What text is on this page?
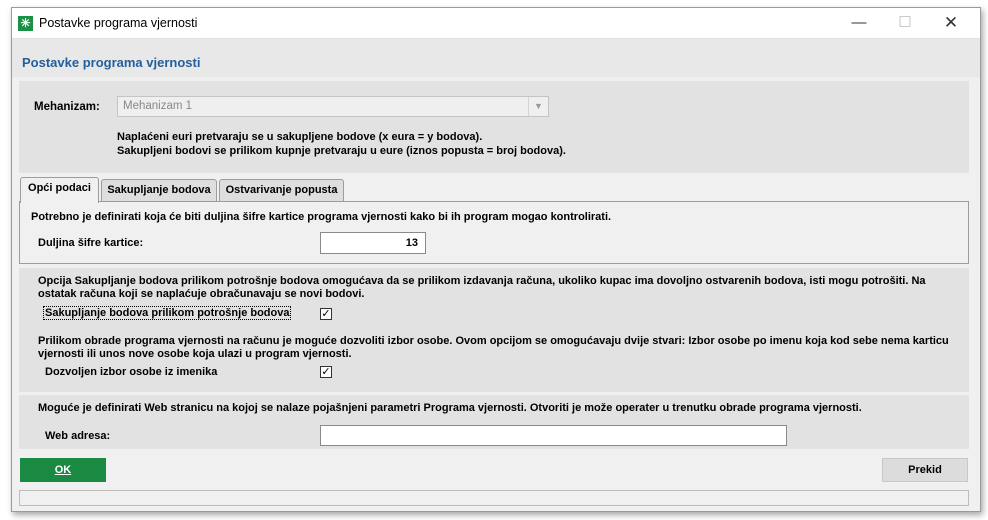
✳ Postavke programa vjernosti	—	☐	✕
Postavke programa vjernosti
Mehanizam: Mehanizam 1	▼
Naplaćeni euri pretvaraju se u sakupljene bodove (x eura = y bodova).
Sakupljeni bodovi se prilikom kupnje pretvaraju u eure (iznos popusta = broj bodova).
Opći podaci	Sakupljanje bodova	Ostvarivanje popusta
Potrebno je definirati koja će biti duljina šifre kartice programa vjernosti kako bi ih program mogao kontrolirati.
Duljina šifre kartice:	13
Opcija Sakupljanje bodova prilikom potrošnje bodova omogućava da se prilikom izdavanja računa, ukoliko kupac ima dovoljno ostvarenih bodova, isti mogu potrošiti. Na ostatak računa koji se naplaćuje obračunavaju se novi bodovi.
Sakupljanje bodova prilikom potrošnje bodova	✓
Prilikom obrade programa vjernosti na računu je moguće dozvoliti izbor osobe. Ovom opcijom se omogućavaju dvije stvari: Izbor osobe po imenu koja kod sebe nema karticu vjernosti ili unos nove osobe koja ulazi u program vjernosti.
Dozvoljen izbor osobe iz imenika	✓
Moguće je definirati Web stranicu na kojoj se nalaze pojašnjeni parametri Programa vjernosti. Otvoriti je može operater u trenutku obrade programa vjernosti.
Web adresa:
OK	Prekid
